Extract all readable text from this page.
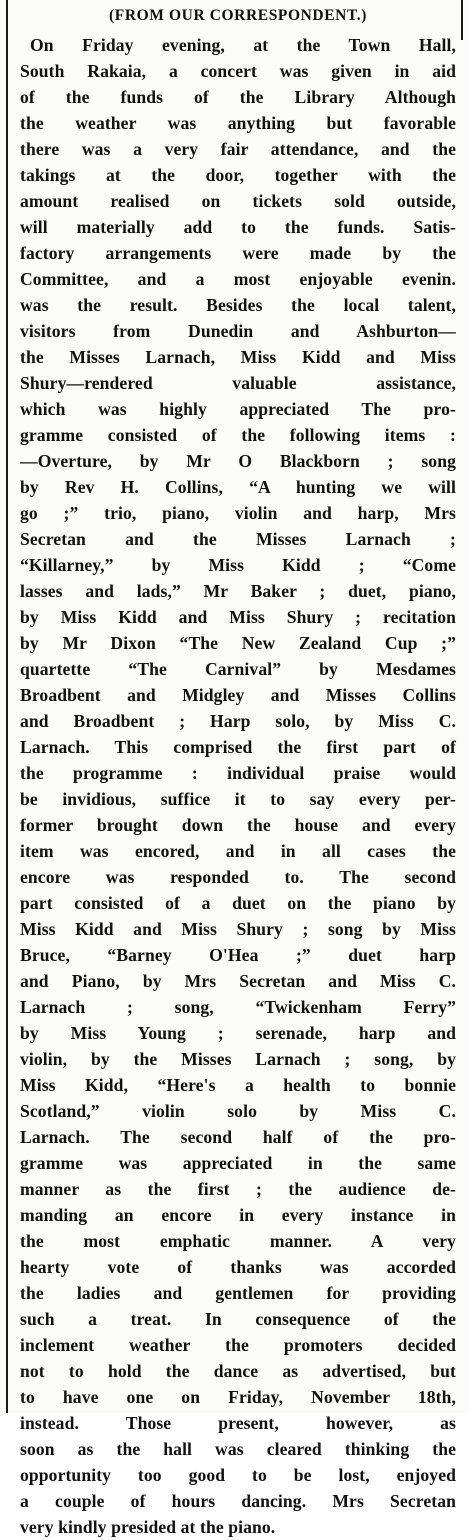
(FROM OUR CORRESPONDENT.)
On Friday evening, at the Town Hall,
South Rakaia, a concert was given in aid
of the funds of the Library Although
the weather was anything but favorable
there was a very fair attendance, and the
takings at the door, together with the
amount realised on tickets sold outside,
will materially add to the funds. Satis-
factory arrangements were made by the
Committee, and a most enjoyable evenin.
was the result. Besides the local talent,
visitors from Dunedin and Ashburton—
the Misses Larnach, Miss Kidd and Miss
Shury—rendered valuable assistance,
which was highly appreciated The pro-
gramme consisted of the following items :
—Overture, by Mr O Blackborn ; song
by Rev H. Collins, “A hunting we will
go ;” trio, piano, violin and harp, Mrs
Secretan and the Misses Larnach ;
“Killarney,” by Miss Kidd ; “Come
lasses and lads,” Mr Baker ; duet, piano,
by Miss Kidd and Miss Shury ; recitation
by Mr Dixon “The New Zealand Cup ;”
quartette “The Carnival” by Mesdames
Broadbent and Midgley and Misses Collins
and Broadbent ; Harp solo, by Miss C.
Larnach. This comprised the first part of
the programme : individual praise would
be invidious, suffice it to say every per-
former brought down the house and every
item was encored, and in all cases the
encore was responded to. The second
part consisted of a duet on the piano by
Miss Kidd and Miss Shury ; song by Miss
Bruce, “Barney O'Hea ;” duet harp
and Piano, by Mrs Secretan and Miss C.
Larnach ; song, “Twickenham Ferry”
by Miss Young ; serenade, harp and
violin, by the Misses Larnach ; song, by
Miss Kidd, “Here's a health to bonnie
Scotland,” violin solo by Miss C.
Larnach. The second half of the pro-
gramme was appreciated in the same
manner as the first ; the audience de-
manding an encore in every instance in
the most emphatic manner. A very
hearty vote of thanks was accorded
the ladies and gentlemen for providing
such a treat. In consequence of the
inclement weather the promoters decided
not to hold the dance as advertised, but
to have one on Friday, November 18th,
instead. Those present, however, as
soon as the hall was cleared thinking the
opportunity too good to be lost, enjoyed
a couple of hours dancing. Mrs Secretan
very kindly presided at the piano.
